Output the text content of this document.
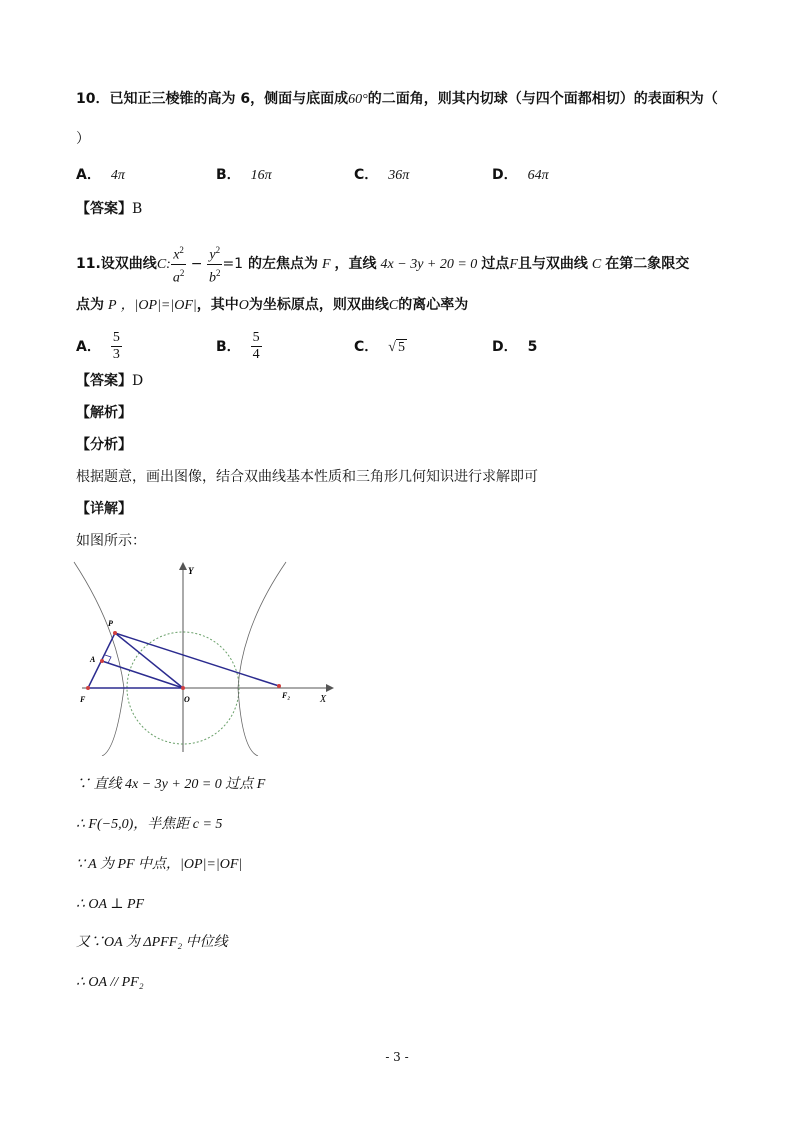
10．已知正三棱锥的高为 6，侧面与底面成60°的二面角，则其内切球（与四个面都相切）的表面积为（
）
A． 4π	B． 16π	C． 36π	D． 64π
【答案】B
11.设双曲线C: $\frac{x^2}{a^2} - \frac{y^2}{b^2} =1$ 的左焦点为 F ，直线 4x − 3y + 20 = 0 过点F且与双曲线 C 在第二象限交
点为 P ，|OP|=|OF|，其中O为坐标原点，则双曲线C的离心率为
A． $\frac{5}{3}$	B． $\frac{5}{4}$	C． √ 5	D． 5
【答案】D
【解析】
【分析】
根据题意，画出图像，结合双曲线基本性质和三角形几何知识进行求解即可
【详解】
如图所示：
Y
X
P
A
F	O	F₂
∵ 直线 4x − 3y + 20 = 0 过点 F
∴ F(−5,0)，半焦距 c = 5
∵ A 为 PF 中点，|OP|=|OF|
∴ OA ⊥ PF
又∵OA 为 ΔPFF₂ 中位线
∴ OA // PF₂
- 3 -
